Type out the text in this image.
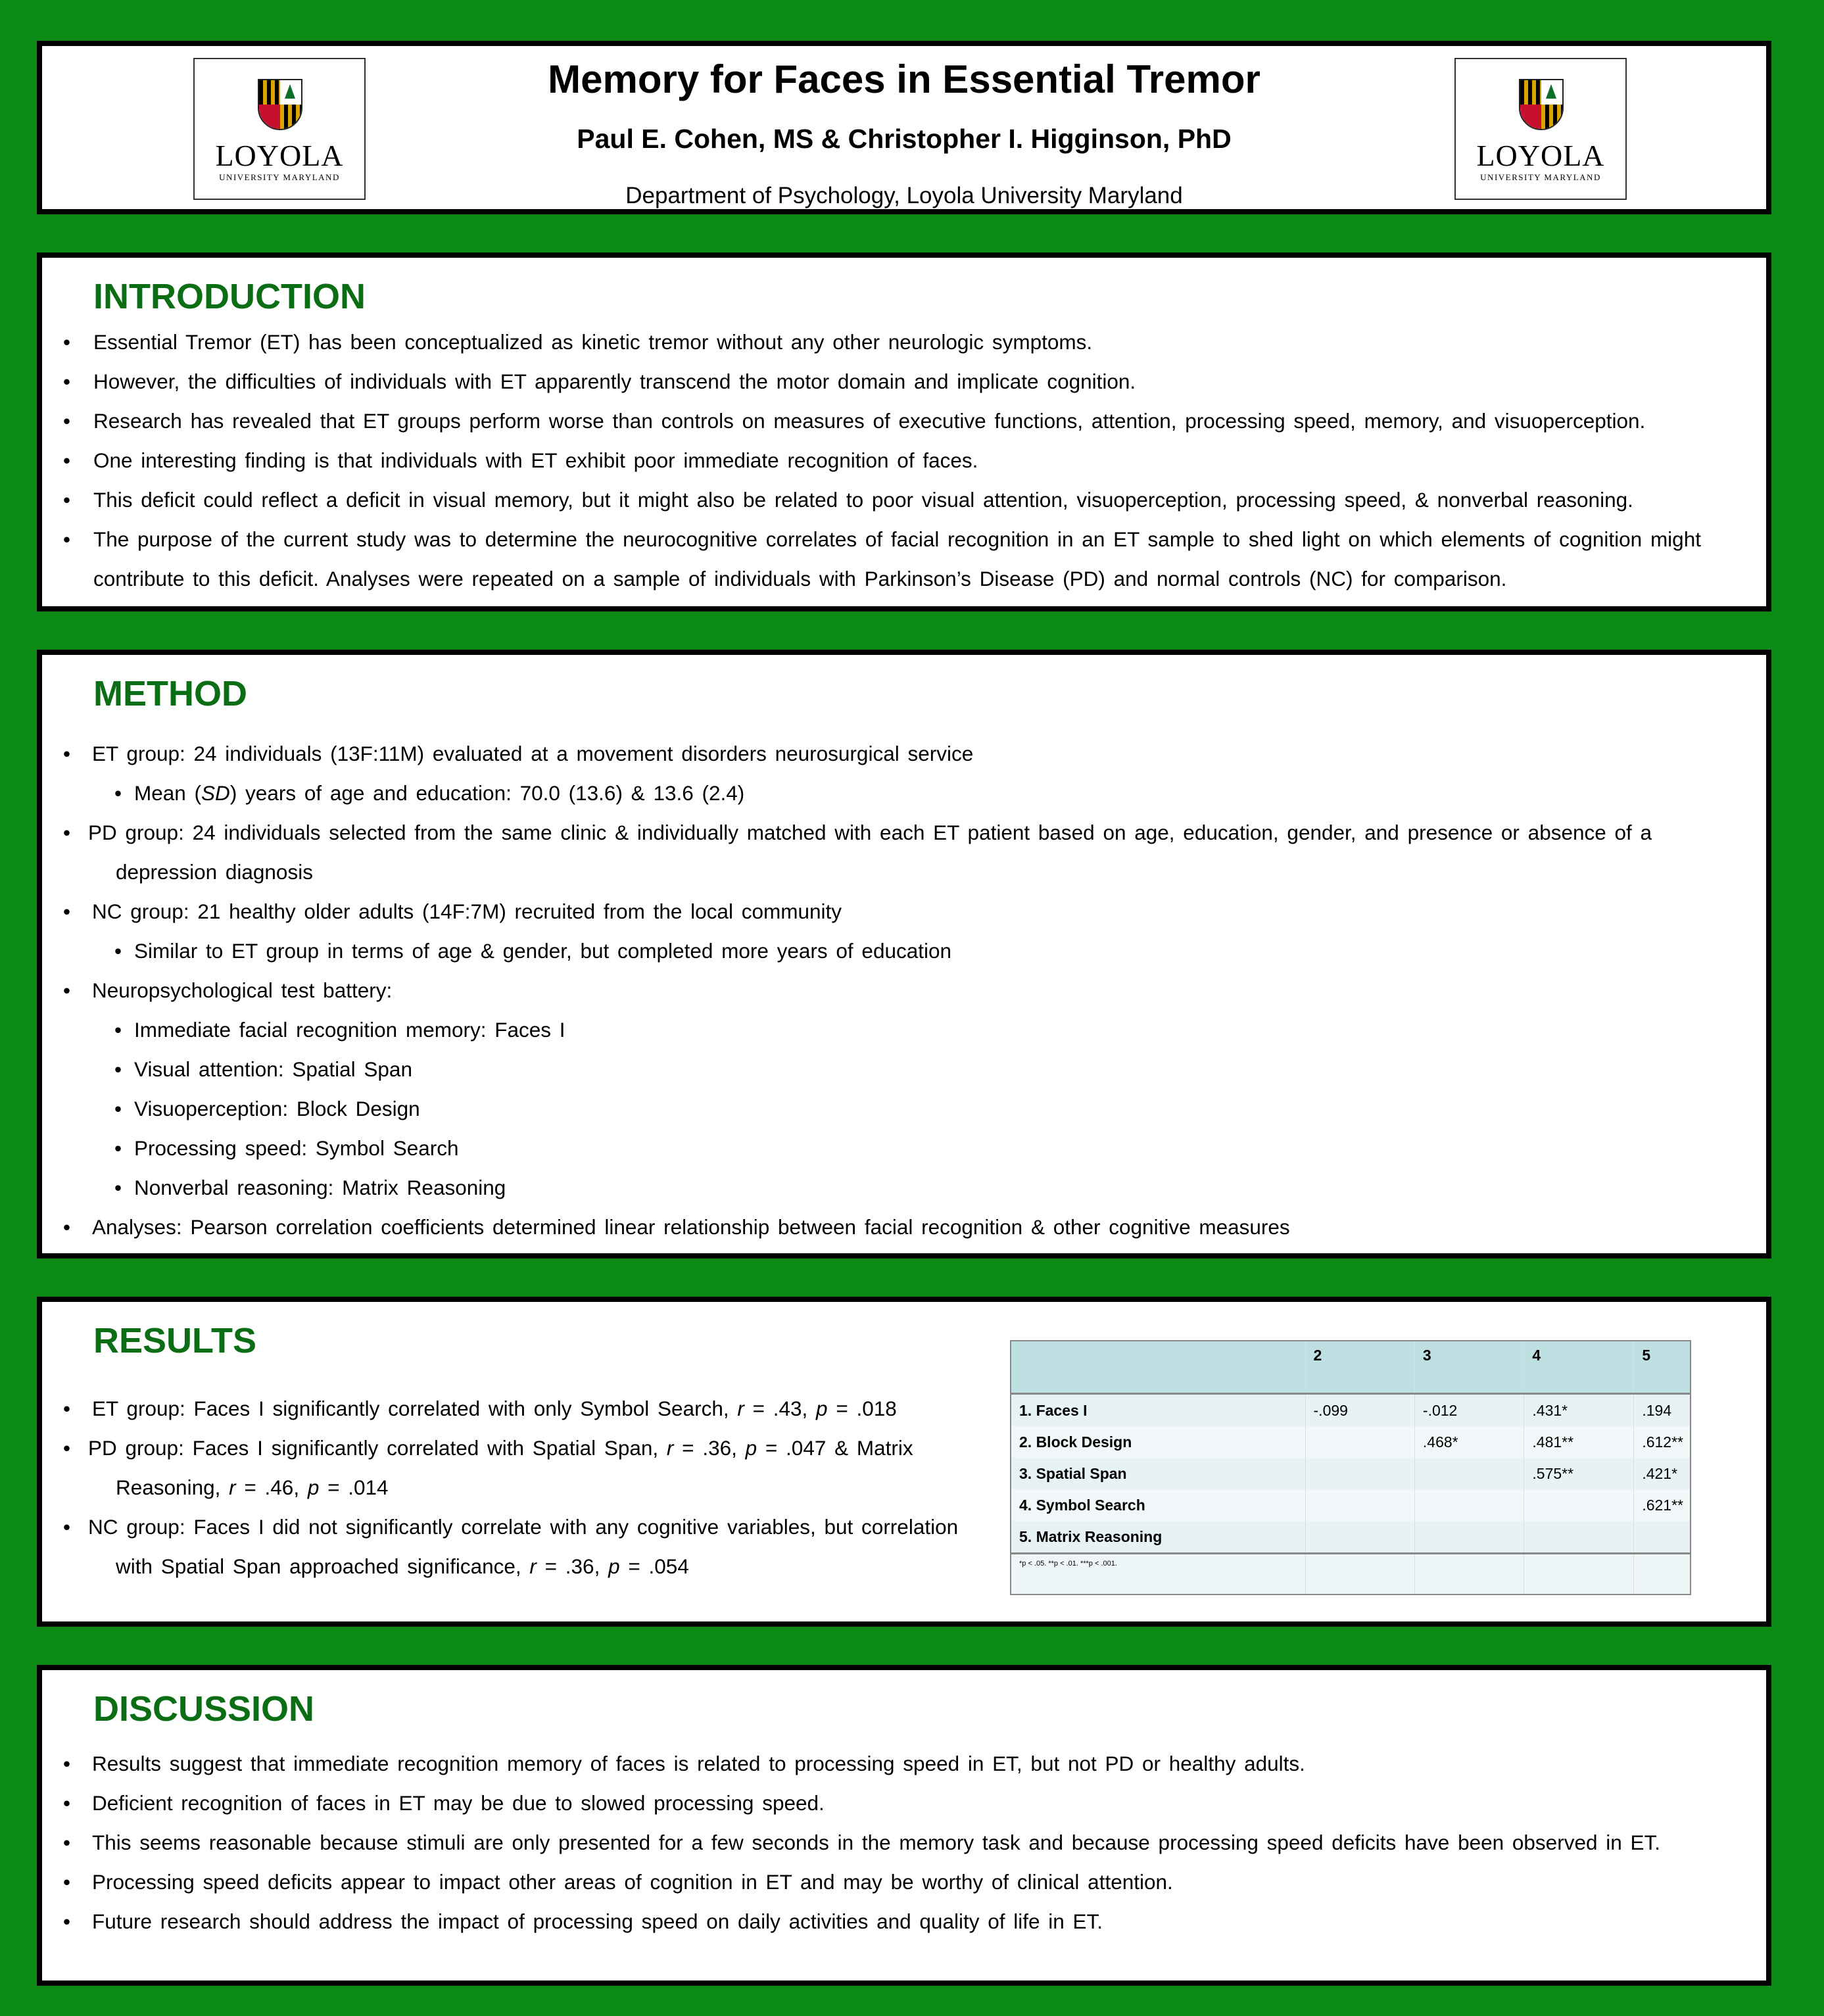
LOYOLA
UNIVERSITY MARYLAND
Memory for Faces in Essential Tremor
Paul E. Cohen, MS & Christopher I. Higginson, PhD
Department of Psychology, Loyola University Maryland
LOYOLA
UNIVERSITY MARYLAND
INTRODUCTION
• Essential Tremor (ET) has been conceptualized as kinetic tremor without any other neurologic symptoms.
• However, the difficulties of individuals with ET apparently transcend the motor domain and implicate cognition.
• Research has revealed that ET groups perform worse than controls on measures of executive functions, attention, processing speed, memory, and visuoperception.
• One interesting finding is that individuals with ET exhibit poor immediate recognition of faces.
• This deficit could reflect a deficit in visual memory, but it might also be related to poor visual attention, visuoperception, processing speed, & nonverbal reasoning.
• The purpose of the current study was to determine the neurocognitive correlates of facial recognition in an ET sample to shed light on which elements of cognition might contribute to this deficit. Analyses were repeated on a sample of individuals with Parkinson’s Disease (PD) and normal controls (NC) for comparison.
METHOD
• ET group: 24 individuals (13F:11M) evaluated at a movement disorders neurosurgical service
• Mean (SD) years of age and education: 70.0 (13.6) & 13.6 (2.4)
• PD group: 24 individuals selected from the same clinic & individually matched with each ET patient based on age, education, gender, and presence or absence of a depression diagnosis
• NC group: 21 healthy older adults (14F:7M) recruited from the local community
• Similar to ET group in terms of age & gender, but completed more years of education
• Neuropsychological test battery:
• Immediate facial recognition memory: Faces I
• Visual attention: Spatial Span
• Visuoperception: Block Design
• Processing speed: Symbol Search
• Nonverbal reasoning: Matrix Reasoning
• Analyses: Pearson correlation coefficients determined linear relationship between facial recognition & other cognitive measures
RESULTS
• ET group: Faces I significantly correlated with only Symbol Search, r = .43, p = .018
• PD group: Faces I significantly correlated with Spatial Span, r = .36, p = .047 & Matrix Reasoning, r = .46, p = .014
• NC group: Faces I did not significantly correlate with any cognitive variables, but correlation with Spatial Span approached significance, r = .36, p = .054
	2	3	4	5
1. Faces I	-.099	-.012	.431*	.194
2. Block Design		.468*	.481**	.612**
3. Spatial Span			.575**	.421*
4. Symbol Search				.621**
5. Matrix Reasoning				
*p < .05. **p < .01. ***p < .001.				
DISCUSSION
• Results suggest that immediate recognition memory of faces is related to processing speed in ET, but not PD or healthy adults.
• Deficient recognition of faces in ET may be due to slowed processing speed.
• This seems reasonable because stimuli are only presented for a few seconds in the memory task and because processing speed deficits have been observed in ET.
• Processing speed deficits appear to impact other areas of cognition in ET and may be worthy of clinical attention.
• Future research should address the impact of processing speed on daily activities and quality of life in ET.
